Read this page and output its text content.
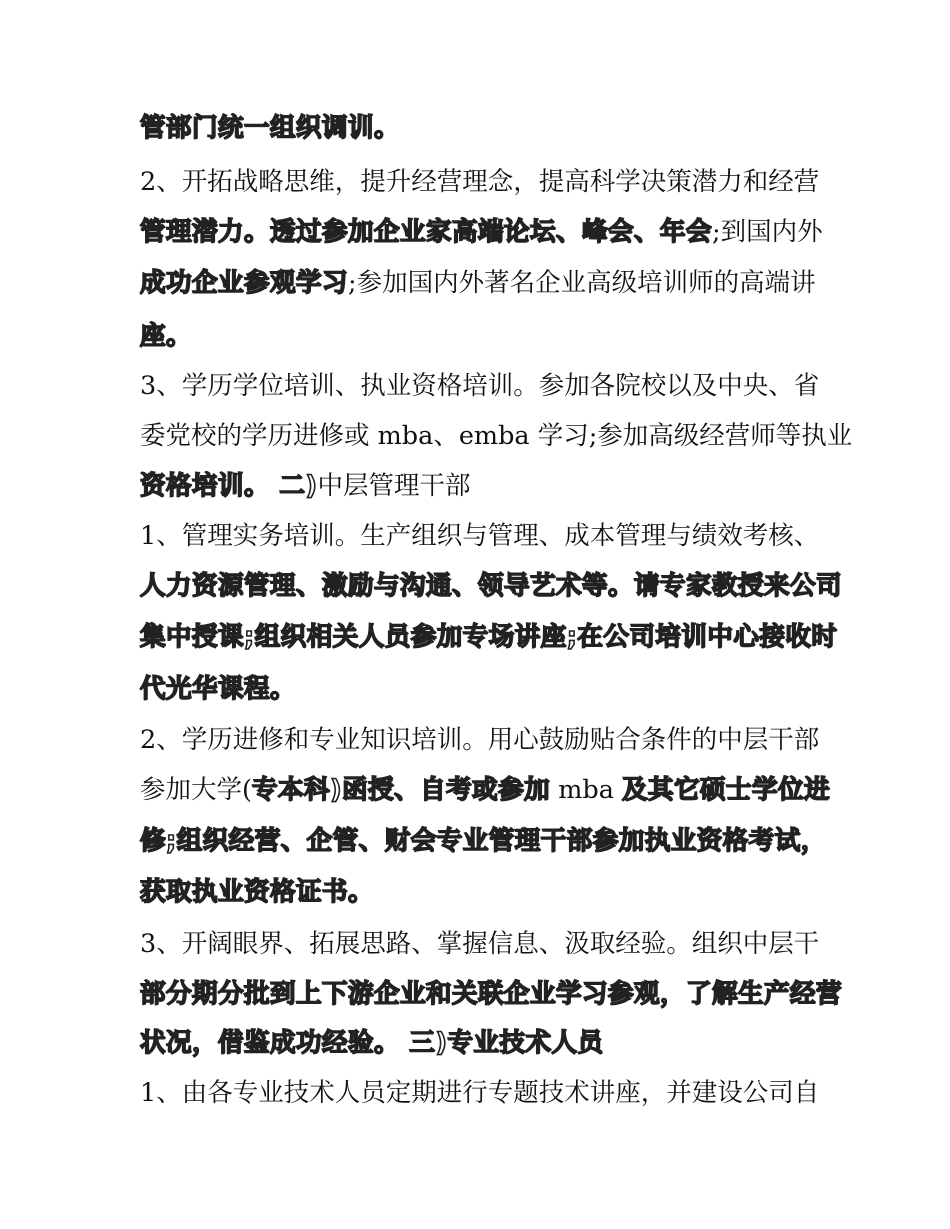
管部门统一组织调训。
2、开拓战略思维，提升经营理念，提高科学决策潜力和经营
管理潜力。透过参加企业家高端论坛、峰会、年会;到国内外
成功企业参观学习;参加国内外著名企业高级培训师的高端讲
座。
3、学历学位培训、执业资格培训。参加各院校以及中央、省
委党校的学历进修或 mba、emba 学习;参加高级经营师等执业
资格培训。 二)中层管理干部
1、管理实务培训。生产组织与管理、成本管理与绩效考核、
人力资源管理、激励与沟通、领导艺术等。请专家教授来公司
集中授课;组织相关人员参加专场讲座;在公司培训中心接收时
代光华课程。
2、学历进修和专业知识培训。用心鼓励贴合条件的中层干部
参加大学(专本科)函授、自考或参加 mba 及其它硕士学位进
修;组织经营、企管、财会专业管理干部参加执业资格考试，
获取执业资格证书。
3、开阔眼界、拓展思路、掌握信息、汲取经验。组织中层干
部分期分批到上下游企业和关联企业学习参观，了解生产经营
状况，借鉴成功经验。 三)专业技术人员
1、由各专业技术人员定期进行专题技术讲座，并建设公司自
